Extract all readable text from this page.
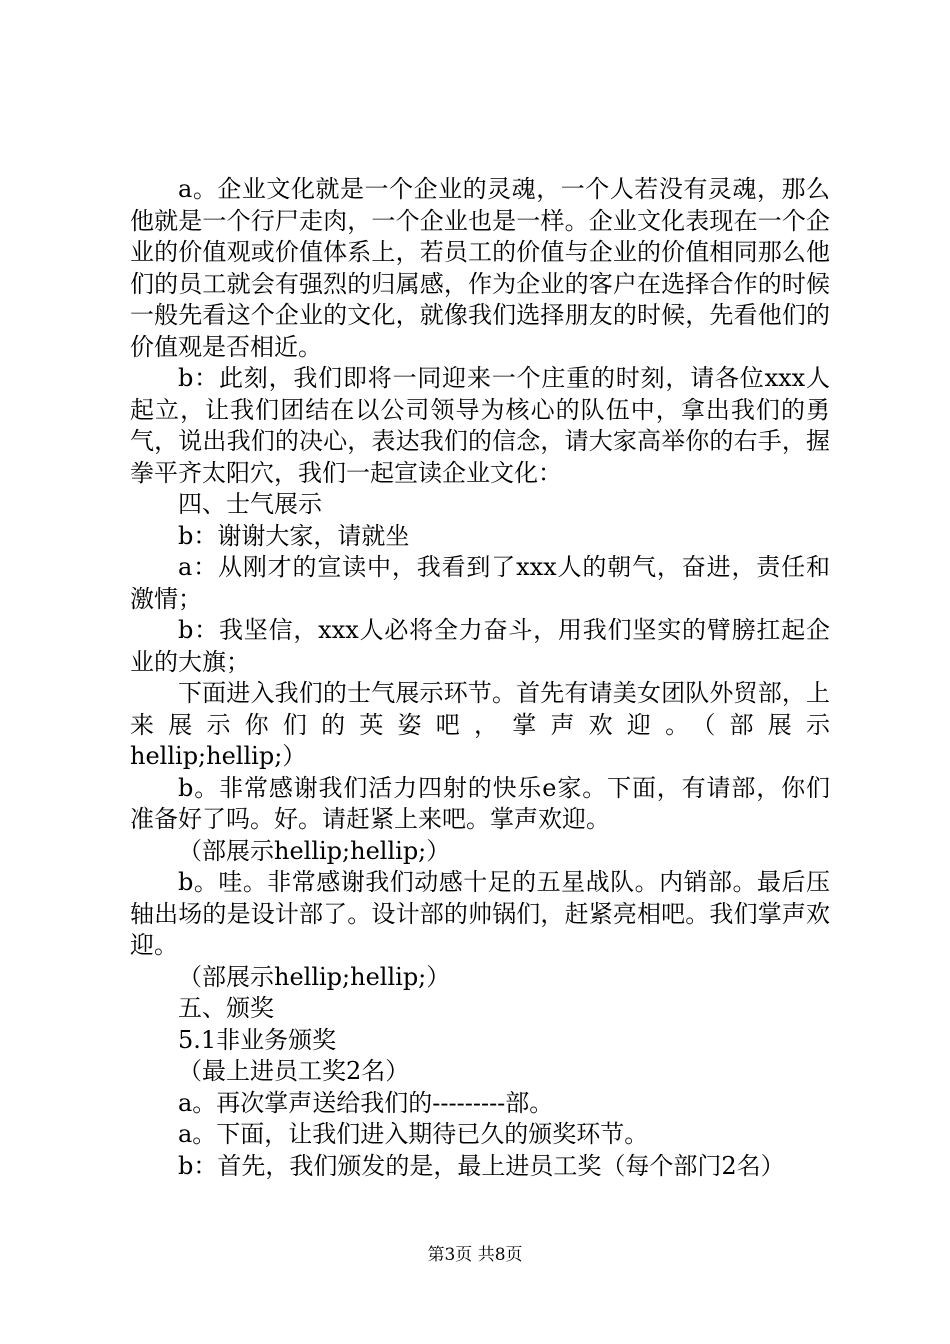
a。企业文化就是一个企业的灵魂，一个人若没有灵魂，那么他就是一个行尸走肉，一个企业也是一样。企业文化表现在一个企业的价值观或价值体系上，若员工的价值与企业的价值相同那么他们的员工就会有强烈的归属感，作为企业的客户在选择合作的时候一般先看这个企业的文化，就像我们选择朋友的时候，先看他们的价值观是否相近。

b：此刻，我们即将一同迎来一个庄重的时刻，请各位xxx人起立，让我们团结在以公司领导为核心的队伍中，拿出我们的勇气，说出我们的决心，表达我们的信念，请大家高举你的右手，握拳平齐太阳穴，我们一起宣读企业文化：

四、士气展示

b：谢谢大家，请就坐

a：从刚才的宣读中，我看到了xxx人的朝气，奋进，责任和激情；

b：我坚信，xxx人必将全力奋斗，用我们坚实的臂膀扛起企业的大旗；

下面进入我们的士气展示环节。首先有请美女团队外贸部，上来展示你们的英姿吧，掌声欢迎。（部展示

hellip;hellip;）

b。非常感谢我们活力四射的快乐e家。下面，有请部，你们准备好了吗。好。请赶紧上来吧。掌声欢迎。

（部展示hellip;hellip;）

b。哇。非常感谢我们动感十足的五星战队。内销部。最后压轴出场的是设计部了。设计部的帅锅们，赶紧亮相吧。我们掌声欢迎。

（部展示hellip;hellip;）

五、颁奖

5.1非业务颁奖

（最上进员工奖2名）

a。再次掌声送给我们的---------部。

a。下面，让我们进入期待已久的颁奖环节。

b：首先，我们颁发的是，最上进员工奖（每个部门2名）

第3页 共8页
